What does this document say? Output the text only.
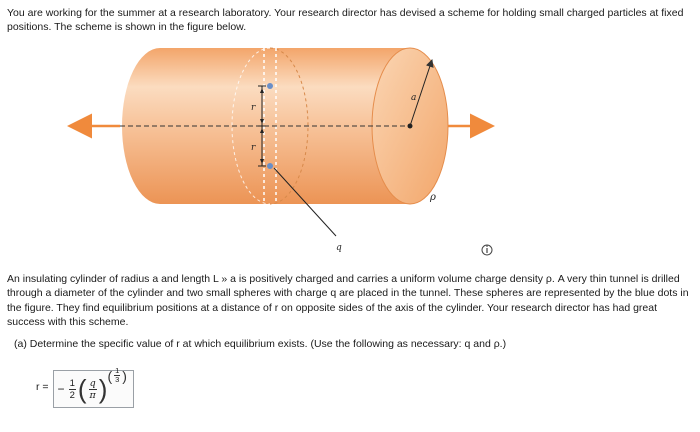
You are working for the summer at a research laboratory. Your research director has devised a scheme for holding small charged particles at fixed positions. The scheme is shown in the figure below.

a
r
r
q
ρ

An insulating cylinder of radius a and length L » a is positively charged and carries a uniform volume charge density ρ. A very thin tunnel is drilled through a diameter of the cylinder and two small spheres with charge q are placed in the tunnel. These spheres are represented by the blue dots in the figure. They find equilibrium positions at a distance of r on opposite sides of the axis of the cylinder. Your research director has had great success with this scheme.

(a) Determine the specific value of r at which equilibrium exists. (Use the following as necessary: q and ρ.)

r = − $\frac{1}{2}$ ( $\frac{q}{\pi}$ ) ( $\frac{1}{3}$ )
